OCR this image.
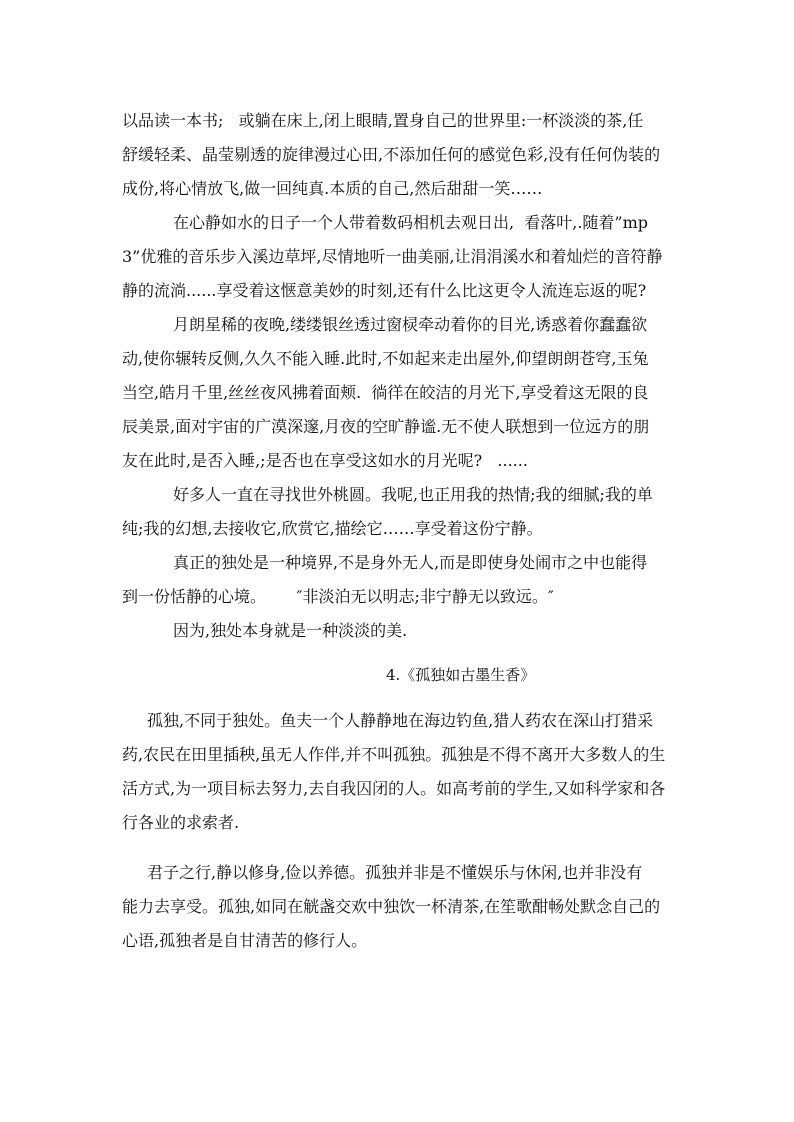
以品读一本书;   或躺在床上,闭上眼睛,置身自己的世界里:一杯淡淡的茶,任
舒缓轻柔、晶莹剔透的旋律漫过心田,不添加任何的感觉色彩,没有任何伪装的
成份,将心情放飞,做一回纯真.本质的自己,然后甜甜一笑……
在心静如水的日子一个人带着数码相机去观日出,  看落叶,.随着”mp
3”优雅的音乐步入溪边草坪,尽情地听一曲美丽,让涓涓溪水和着灿烂的音符静
静的流淌......享受着这惬意美妙的时刻,还有什么比这更令人流连忘返的呢?
月朗星稀的夜晚,缕缕银丝透过窗棂牵动着你的目光,诱惑着你蠢蠢欲
动,使你辗转反侧,久久不能入睡.此时,不如起来走出屋外,仰望朗朗苍穹,玉兔
当空,皓月千里,丝丝夜风拂着面颊.  徜徉在皎洁的月光下,享受着这无限的良
辰美景,面对宇宙的广漠深邃,月夜的空旷静谧.无不使人联想到一位远方的朋
友在此时,是否入睡,;是否也在享受这如水的月光呢?   ......
好多人一直在寻找世外桃圆。我呢,也正用我的热情;我的细腻;我的单
纯;我的幻想,去接收它,欣赏它,描绘它……享受着这份宁静。
真正的独处是一种境界,不是身外无人,而是即使身处闹市之中也能得
到一份恬静的心境。      ″非淡泊无以明志;非宁静无以致远。″
因为,独处本身就是一种淡淡的美.
4.《孤独如古墨生香》
孤独,不同于独处。鱼夫一个人静静地在海边钓鱼,猎人药农在深山打猎采
药,农民在田里插秧,虽无人作伴,并不叫孤独。孤独是不得不离开大多数人的生
活方式,为一项目标去努力,去自我囚闭的人。如高考前的学生,又如科学家和各
行各业的求索者.
君子之行,静以修身,俭以养德。孤独并非是不懂娱乐与休闲,也并非没有
能力去享受。孤独,如同在觥盏交欢中独饮一杯清茶,在笙歌酣畅处默念自己的
心语,孤独者是自甘清苦的修行人。
